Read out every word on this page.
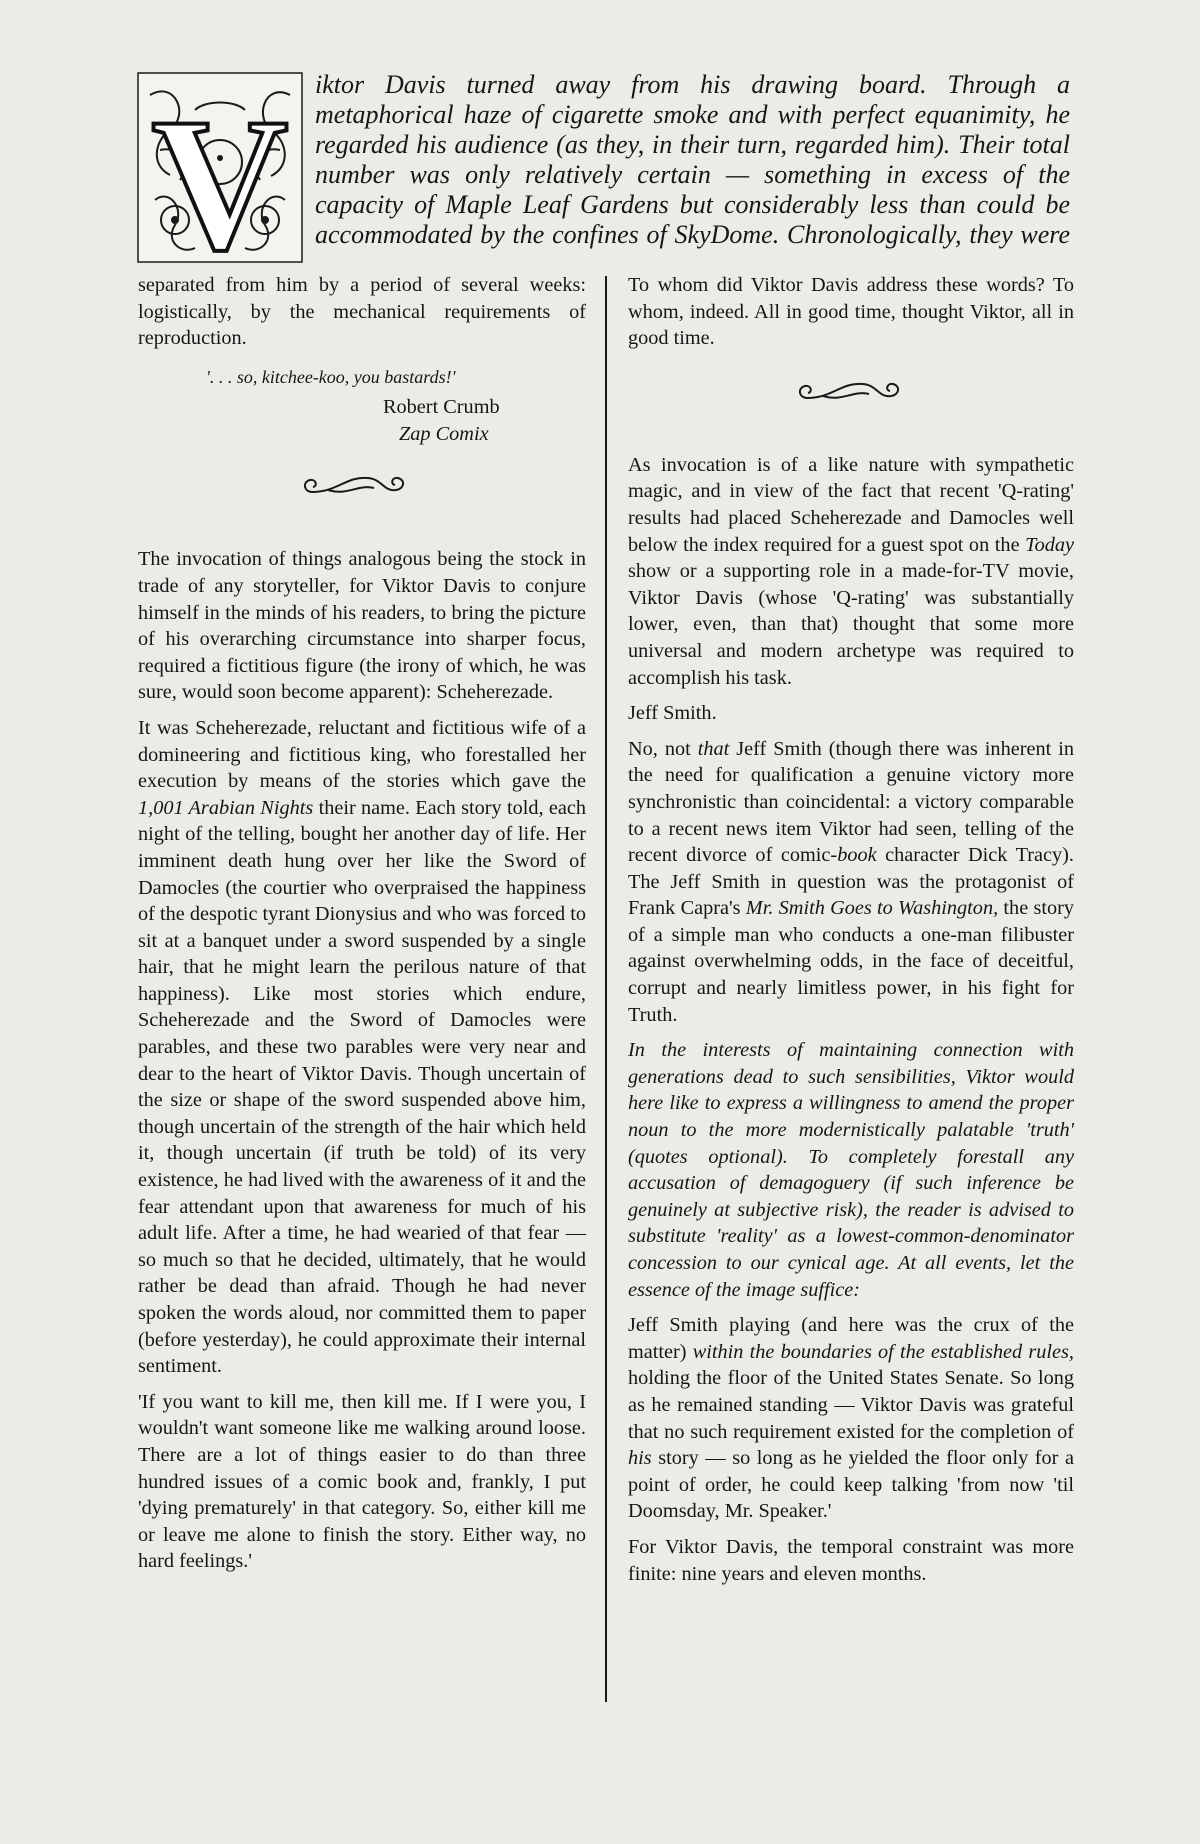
V iktor Davis turned away from his drawing board. Through a metaphorical haze of cigarette smoke and with perfect equanimity, he regarded his audience (as they, in their turn, regarded him). Their total number was only relatively certain — something in excess of the capacity of Maple Leaf Gardens but considerably less than could be accommodated by the confines of SkyDome. Chronologically, they were

separated from him by a period of several weeks: logistically, by the mechanical requirements of reproduction.

'. . . so, kitchee-koo, you bastards!'
Robert Crumb
Zap Comix

The invocation of things analogous being the stock in trade of any storyteller, for Viktor Davis to conjure himself in the minds of his readers, to bring the picture of his overarching circumstance into sharper focus, required a fictitious figure (the irony of which, he was sure, would soon become apparent): Scheherezade.

It was Scheherezade, reluctant and fictitious wife of a domineering and fictitious king, who forestalled her execution by means of the stories which gave the 1,001 Arabian Nights their name. Each story told, each night of the telling, bought her another day of life. Her imminent death hung over her like the Sword of Damocles (the courtier who overpraised the happiness of the despotic tyrant Dionysius and who was forced to sit at a banquet under a sword suspended by a single hair, that he might learn the perilous nature of that happiness). Like most stories which endure, Scheherezade and the Sword of Damocles were parables, and these two parables were very near and dear to the heart of Viktor Davis. Though uncertain of the size or shape of the sword suspended above him, though uncertain of the strength of the hair which held it, though uncertain (if truth be told) of its very existence, he had lived with the awareness of it and the fear attendant upon that awareness for much of his adult life. After a time, he had wearied of that fear — so much so that he decided, ultimately, that he would rather be dead than afraid. Though he had never spoken the words aloud, nor committed them to paper (before yesterday), he could approximate their internal sentiment.

'If you want to kill me, then kill me. If I were you, I wouldn't want someone like me walking around loose. There are a lot of things easier to do than three hundred issues of a comic book and, frankly, I put 'dying prematurely' in that category. So, either kill me or leave me alone to finish the story. Either way, no hard feelings.'

To whom did Viktor Davis address these words? To whom, indeed. All in good time, thought Viktor, all in good time.

As invocation is of a like nature with sympathetic magic, and in view of the fact that recent 'Q-rating' results had placed Scheherezade and Damocles well below the index required for a guest spot on the Today show or a supporting role in a made-for-TV movie, Viktor Davis (whose 'Q-rating' was substantially lower, even, than that) thought that some more universal and modern archetype was required to accomplish his task.

Jeff Smith.

No, not that Jeff Smith (though there was inherent in the need for qualification a genuine victory more synchronistic than coincidental: a victory comparable to a recent news item Viktor had seen, telling of the recent divorce of comic-book character Dick Tracy). The Jeff Smith in question was the protagonist of Frank Capra's Mr. Smith Goes to Washington, the story of a simple man who conducts a one-man filibuster against overwhelming odds, in the face of deceitful, corrupt and nearly limitless power, in his fight for Truth.

In the interests of maintaining connection with generations dead to such sensibilities, Viktor would here like to express a willingness to amend the proper noun to the more modernistically palatable 'truth' (quotes optional). To completely forestall any accusation of demagoguery (if such inference be genuinely at subjective risk), the reader is advised to substitute 'reality' as a lowest-common-denominator concession to our cynical age. At all events, let the essence of the image suffice:

Jeff Smith playing (and here was the crux of the matter) within the boundaries of the established rules, holding the floor of the United States Senate. So long as he remained standing — Viktor Davis was grateful that no such requirement existed for the completion of his story — so long as he yielded the floor only for a point of order, he could keep talking 'from now 'til Doomsday, Mr. Speaker.'

For Viktor Davis, the temporal constraint was more finite: nine years and eleven months.
